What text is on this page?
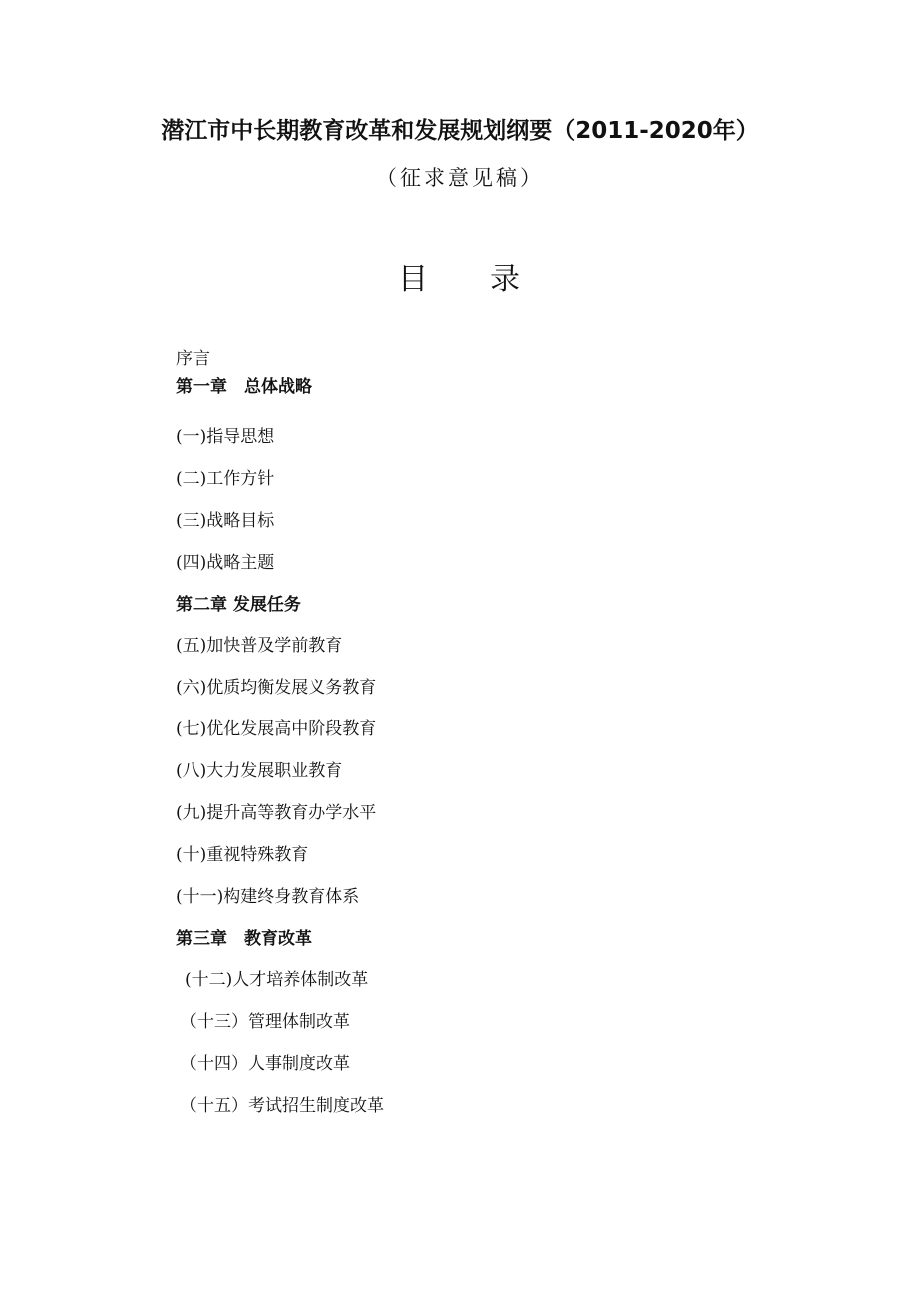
潜江市中长期教育改革和发展规划纲要（2011-2020年）
（征求意见稿）
目 录
序言
第一章　总体战略
(一)指导思想
(二)工作方针
(三)战略目标
(四)战略主题
第二章 发展任务
(五)加快普及学前教育
(六)优质均衡发展义务教育
(七)优化发展高中阶段教育
(八)大力发展职业教育
(九)提升高等教育办学水平
(十)重视特殊教育
(十一)构建终身教育体系
第三章　教育改革
(十二)人才培养体制改革
（十三）管理体制改革
（十四）人事制度改革
（十五）考试招生制度改革
